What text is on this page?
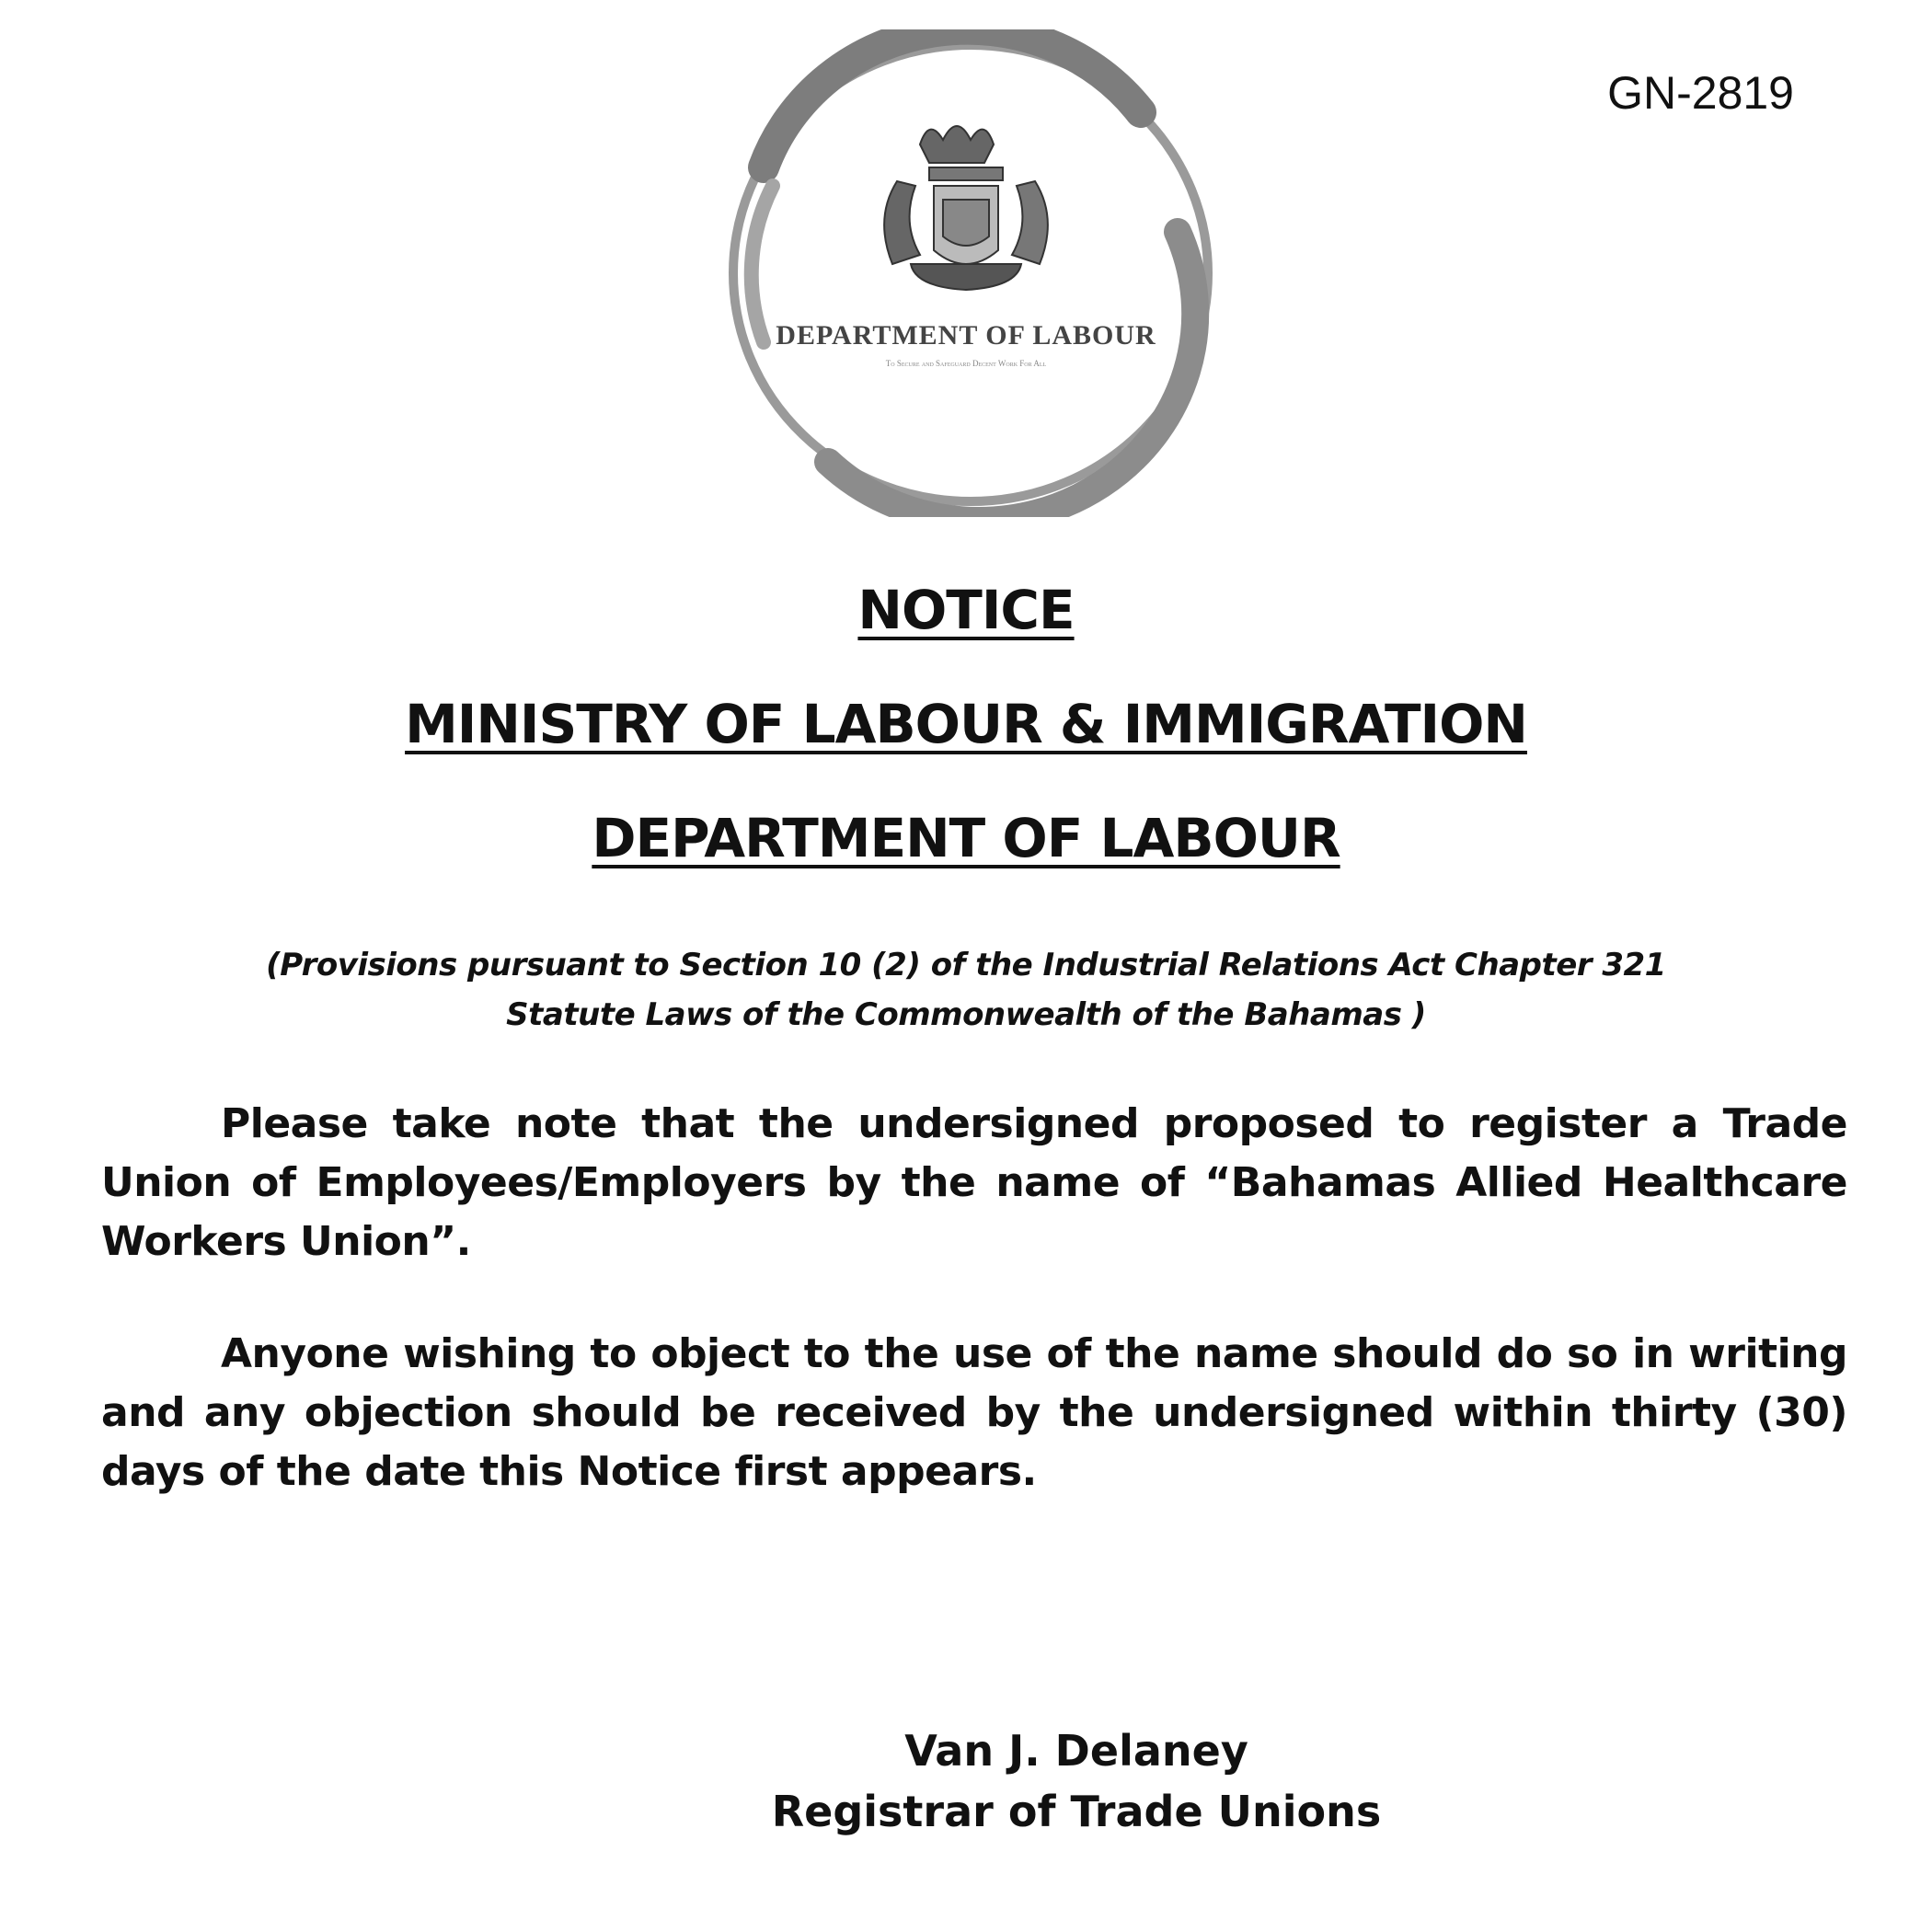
GN-2819
DEPARTMENT OF LABOUR
To Secure and Safeguard Decent Work For All
NOTICE
MINISTRY OF LABOUR & IMMIGRATION
DEPARTMENT OF LABOUR
(Provisions pursuant to Section 10 (2) of the Industrial Relations Act Chapter 321
Statute Laws of the Commonwealth of the Bahamas )
Please take note that the undersigned proposed to register a Trade Union of Employees/Employers by the name of “Bahamas Allied Healthcare Workers Union”.
Anyone wishing to object to the use of the name should do so in writing and any objection should be received by the undersigned within thirty (30) days of the date this Notice first appears.
Van J. Delaney
Registrar of Trade Unions
